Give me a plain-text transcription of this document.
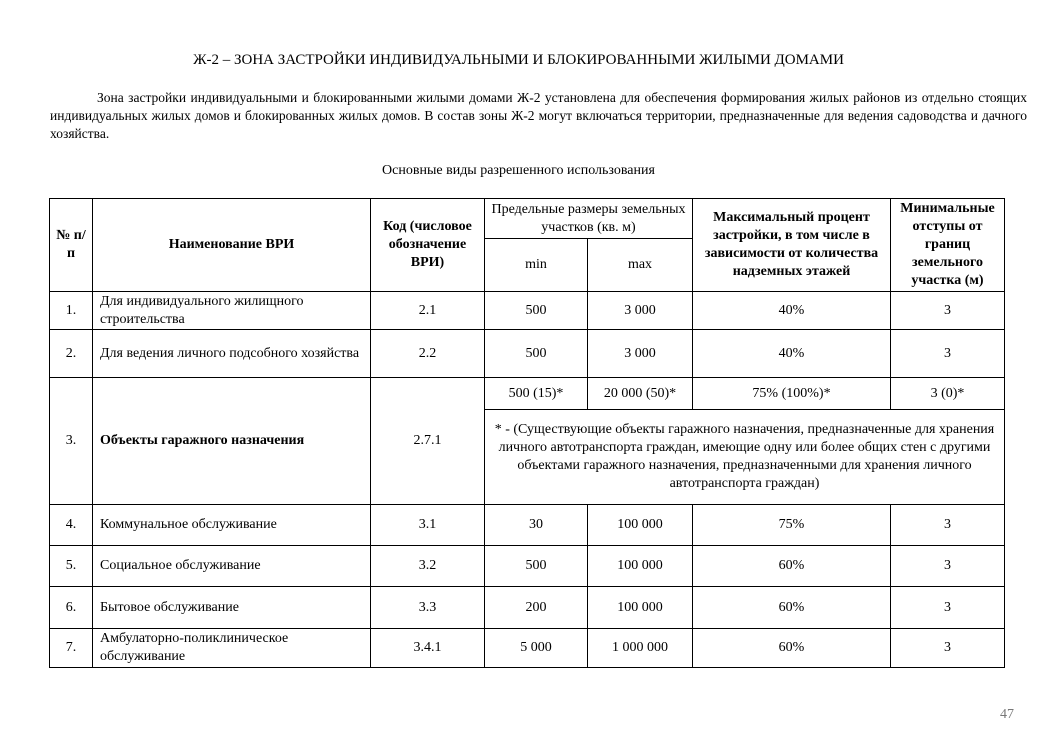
Ж-2 – ЗОНА ЗАСТРОЙКИ ИНДИВИДУАЛЬНЫМИ И БЛОКИРОВАННЫМИ ЖИЛЫМИ ДОМАМИ
Зона застройки индивидуальными и блокированными жилыми домами Ж-2 установлена для обеспечения формирования жилых районов из отдельно стоящих индивидуальных жилых домов и блокированных жилых домов. В состав зоны Ж-2 могут включаться территории, предназначенные для ведения садоводства и дачного хозяйства.
Основные виды разрешенного использования
№ п/п	Наименование ВРИ	Код (числовое обозначение ВРИ)	Предельные размеры земельных участков (кв. м)		Максимальный процент застройки, в том числе в зависимости от количества надземных этажей	Минимальные отступы от границ земельного участка (м)
			min	max		
1.	Для индивидуального жилищного строительства	2.1	500	3 000	40%	3
2.	Для ведения личного подсобного хозяйства	2.2	500	3 000	40%	3
3.	Объекты гаражного назначения	2.7.1	500 (15)*	20 000 (50)*	75% (100%)*	3 (0)*
			* - (Существующие объекты гаражного назначения, предназначенные для хранения личного автотранспорта граждан, имеющие одну или более общих стен с другими объектами гаражного назначения, предназначенными для хранения личного автотранспорта граждан)			
4.	Коммунальное обслуживание	3.1	30	100 000	75%	3
5.	Социальное обслуживание	3.2	500	100 000	60%	3
6.	Бытовое обслуживание	3.3	200	100 000	60%	3
7.	Амбулаторно-поликлиническое обслуживание	3.4.1	5 000	1 000 000	60%	3
47
